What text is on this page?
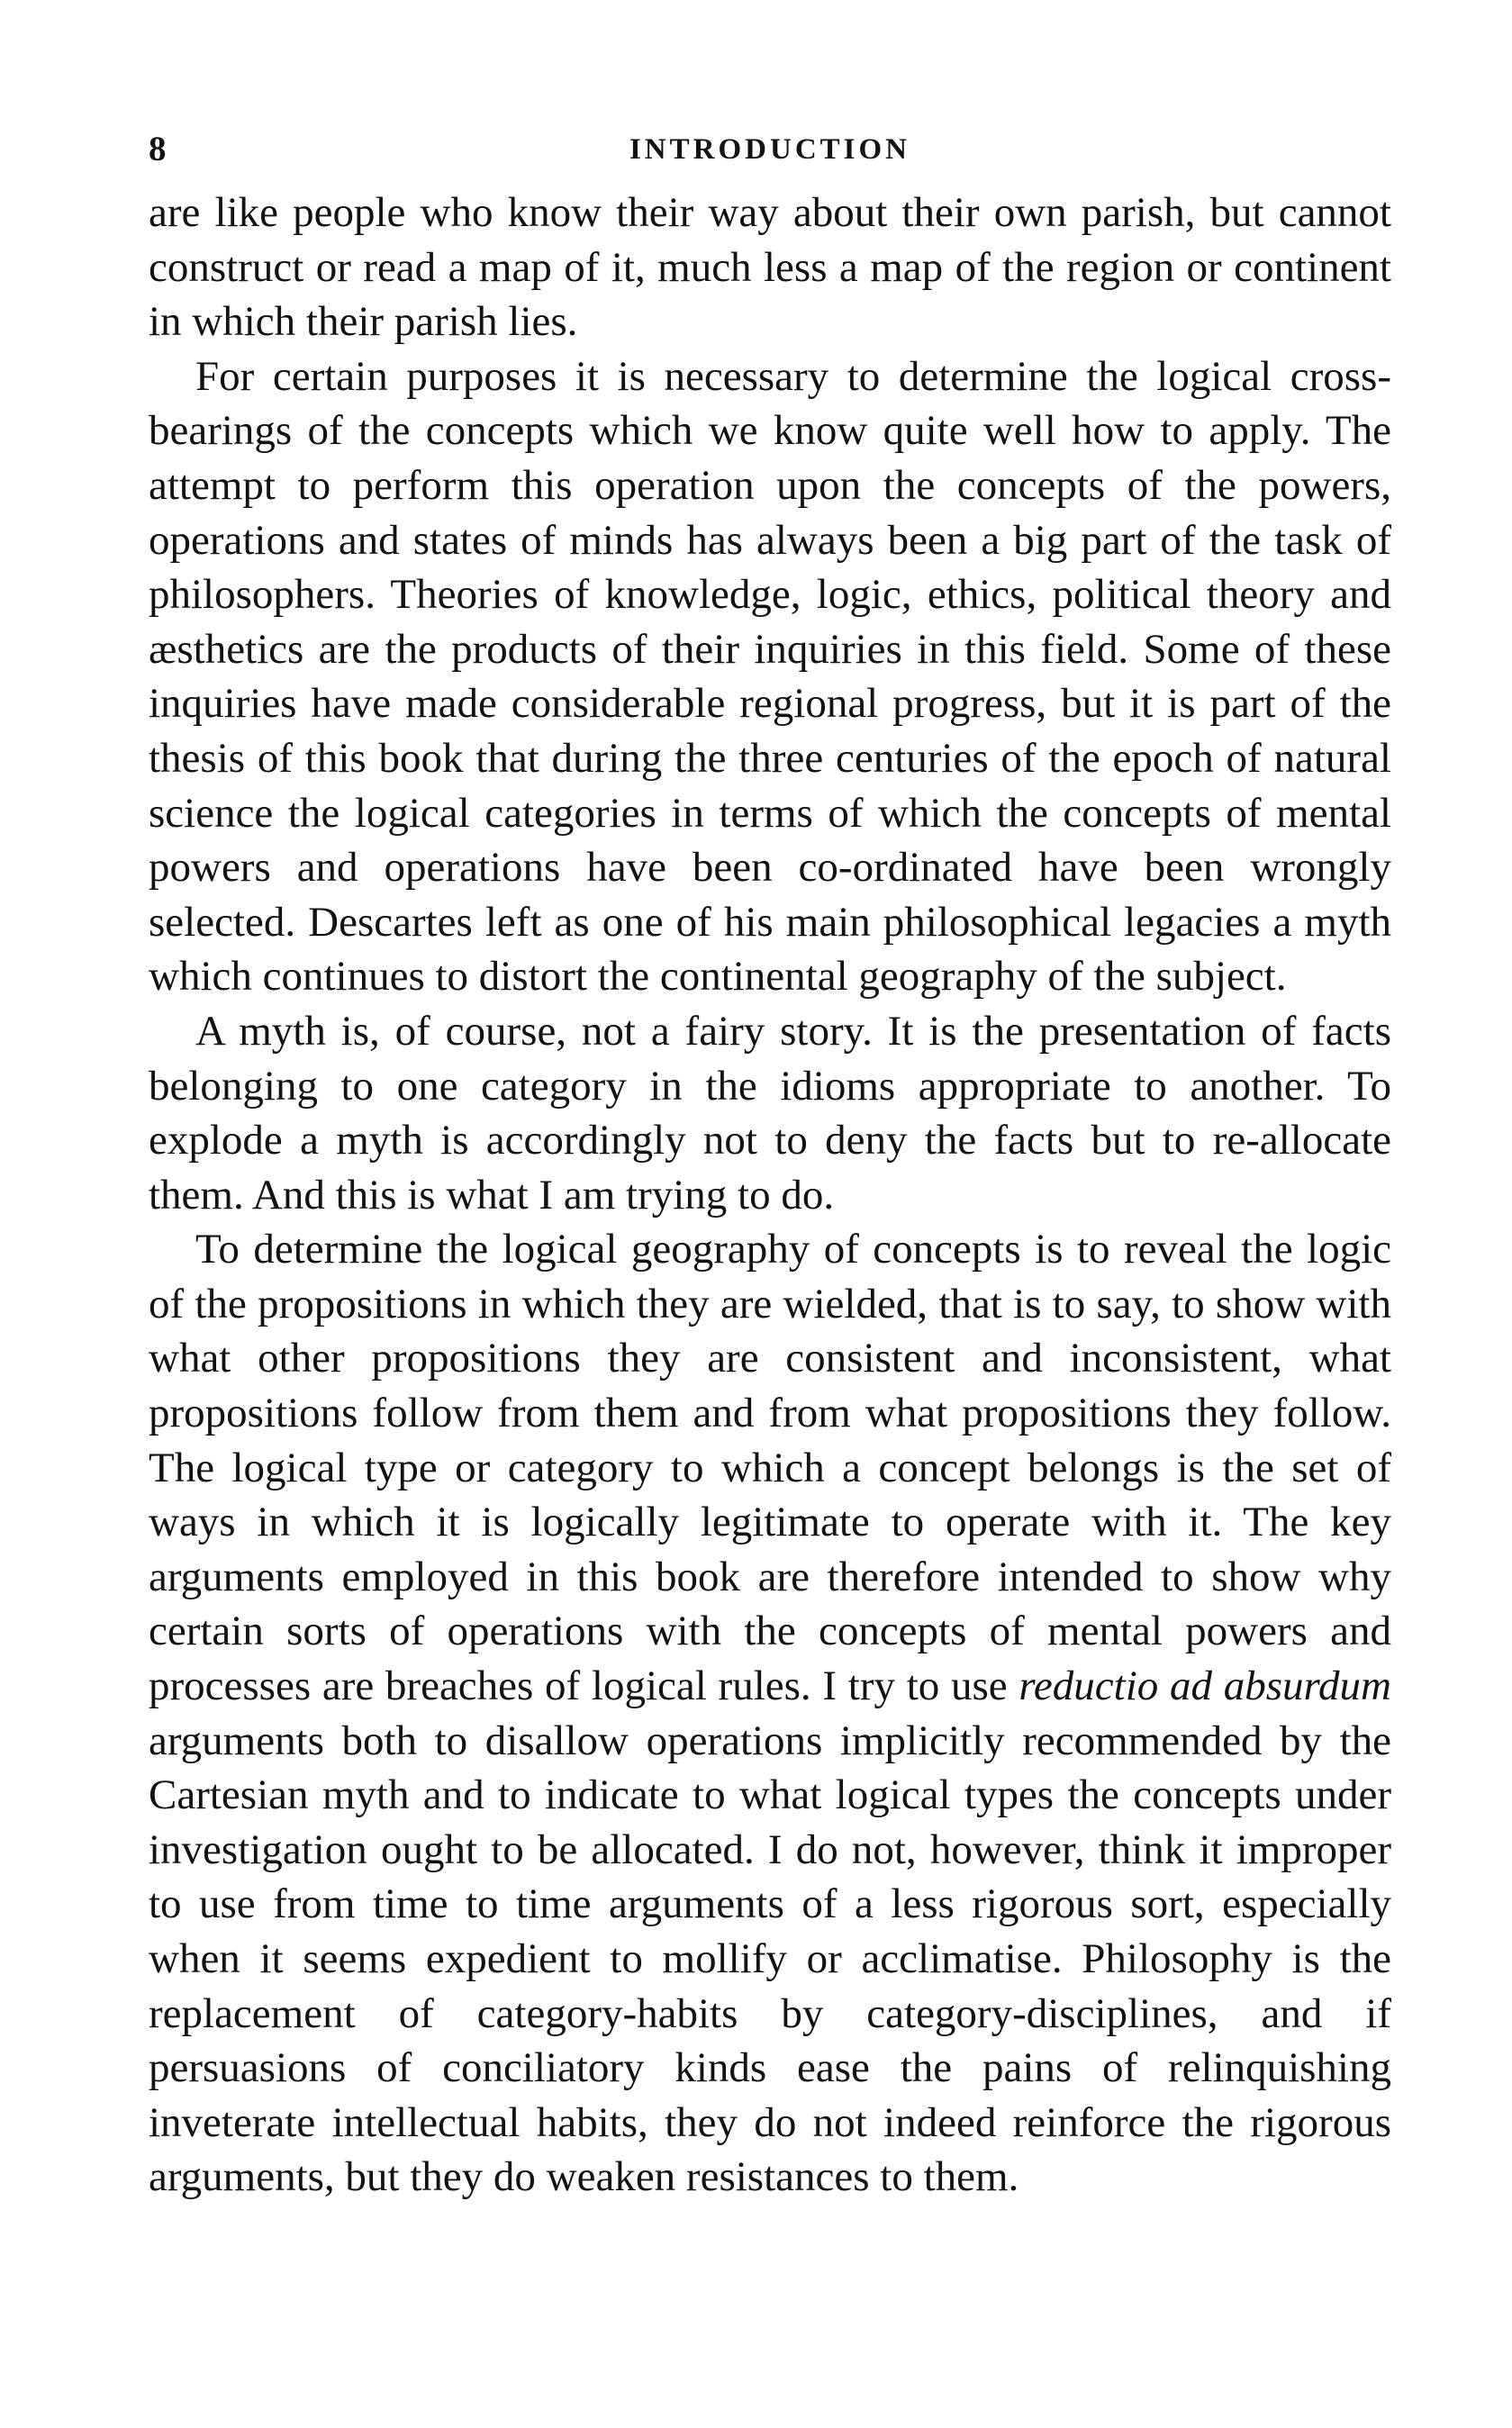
8	INTRODUCTION

are like people who know their way about their own parish, but cannot construct or read a map of it, much less a map of the region or continent in which their parish lies.

For certain purposes it is necessary to determine the logical cross-bearings of the concepts which we know quite well how to apply. The attempt to perform this operation upon the concepts of the powers, operations and states of minds has always been a big part of the task of philosophers. Theories of knowledge, logic, ethics, political theory and æsthetics are the products of their inquiries in this field. Some of these inquiries have made considerable regional progress, but it is part of the thesis of this book that during the three centuries of the epoch of natural science the logical categories in terms of which the concepts of mental powers and operations have been co-ordinated have been wrongly selected. Descartes left as one of his main philosophical legacies a myth which continues to distort the continental geography of the subject.

A myth is, of course, not a fairy story. It is the presentation of facts belonging to one category in the idioms appropriate to another. To explode a myth is accordingly not to deny the facts but to re-allocate them. And this is what I am trying to do.

To determine the logical geography of concepts is to reveal the logic of the propositions in which they are wielded, that is to say, to show with what other propositions they are consistent and inconsistent, what propositions follow from them and from what propositions they follow. The logical type or category to which a concept belongs is the set of ways in which it is logically legitimate to operate with it. The key arguments employed in this book are therefore intended to show why certain sorts of operations with the concepts of mental powers and processes are breaches of logical rules. I try to use reductio ad absurdum arguments both to disallow operations implicitly recommended by the Cartesian myth and to indicate to what logical types the concepts under investigation ought to be allocated. I do not, however, think it improper to use from time to time arguments of a less rigorous sort, especially when it seems expedient to mollify or acclimatise. Philosophy is the replacement of category-habits by category-disciplines, and if persuasions of conciliatory kinds ease the pains of relinquishing inveterate intellectual habits, they do not indeed reinforce the rigorous arguments, but they do weaken resistances to them.
